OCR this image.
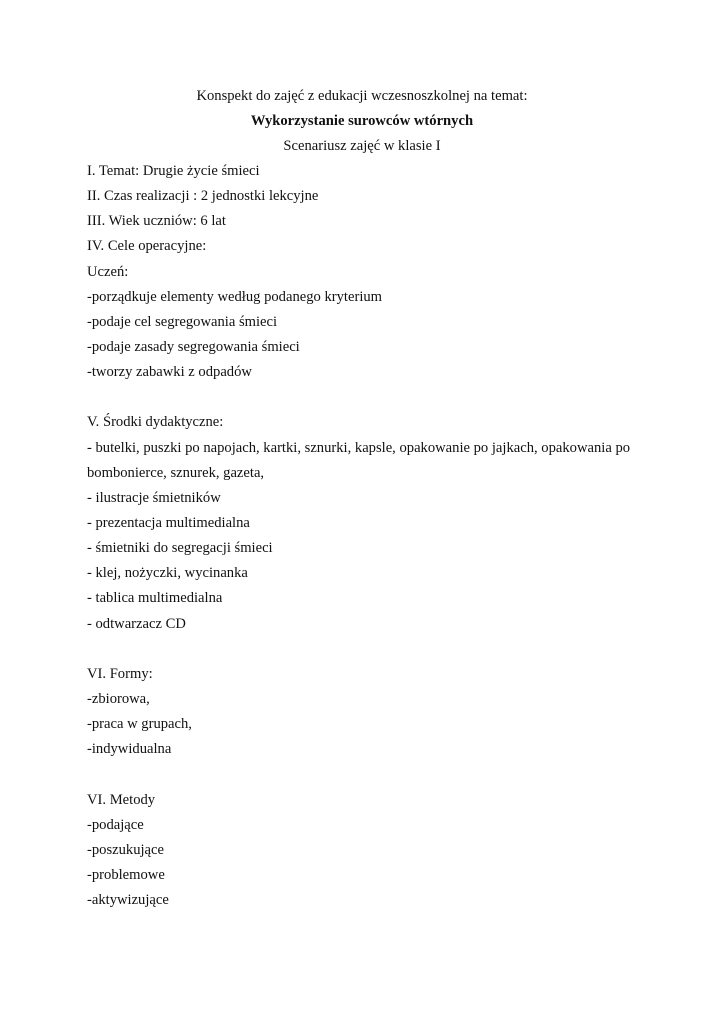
Konspekt do zajęć z edukacji wczesnoszkolnej na temat:
Wykorzystanie surowców wtórnych
Scenariusz zajęć w klasie I
I. Temat: Drugie życie śmieci
II. Czas realizacji : 2 jednostki lekcyjne
III. Wiek uczniów: 6 lat
IV. Cele operacyjne:
Uczeń:
-porządkuje elementy według podanego kryterium
-podaje cel segregowania śmieci
-podaje zasady segregowania śmieci
-tworzy zabawki z odpadów
V. Środki dydaktyczne:
- butelki, puszki po napojach, kartki, sznurki, kapsle, opakowanie po jajkach, opakowania po
bombonierce, sznurek, gazeta,
- ilustracje śmietników
- prezentacja multimedialna
- śmietniki do segregacji śmieci
- klej, nożyczki, wycinanka
- tablica multimedialna
- odtwarzacz CD
VI. Formy:
-zbiorowa,
-praca w grupach,
-indywidualna
VI. Metody
-podające
-poszukujące
-problemowe
-aktywizujące
